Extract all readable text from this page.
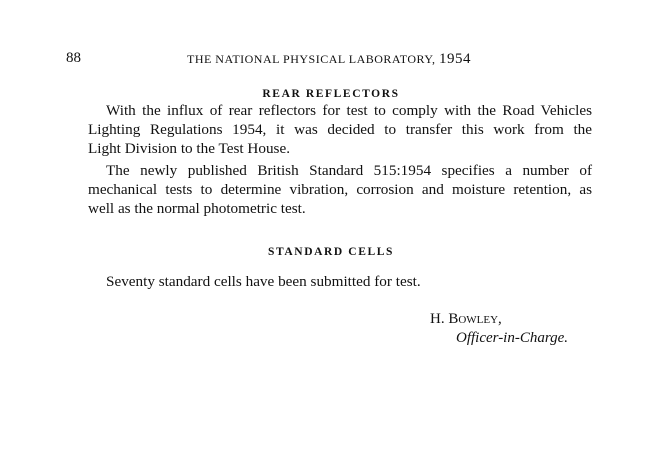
88	THE NATIONAL PHYSICAL LABORATORY, 1954
REAR REFLECTORS
With the influx of rear reflectors for test to comply with the Road Vehicles
Lighting Regulations 1954, it was decided to transfer this work from the
Light Division to the Test House.
The newly published British Standard 515:1954 specifies a number of
mechanical tests to determine vibration, corrosion and moisture retention, as
well as the normal photometric test.
STANDARD CELLS
Seventy standard cells have been submitted for test.
H. Bowley,
Officer-in-Charge.
